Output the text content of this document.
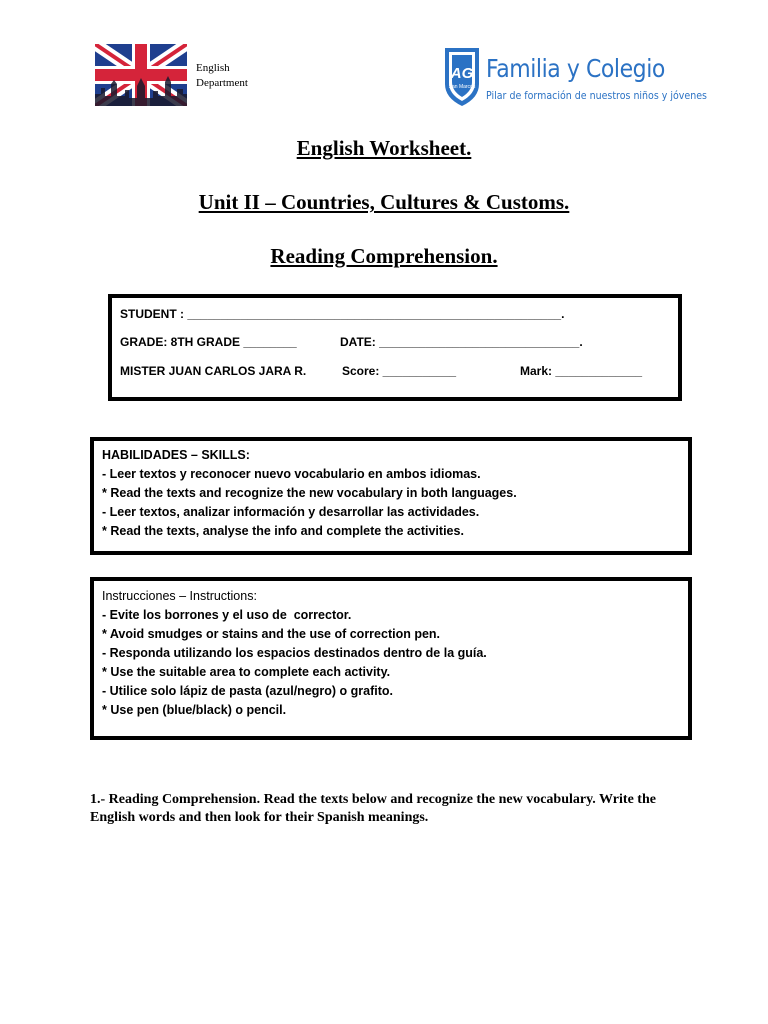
English
Department
AG
San Marcos
Familia y Colegio
Pilar de formación de nuestros niños y jóvenes
English Worksheet.
Unit II – Countries, Cultures & Customs.
Reading Comprehension.
STUDENT : ________________________________________________________.
GRADE: 8TH GRADE ________	DATE: ______________________________.
MISTER JUAN CARLOS JARA R.	Score: ___________	Mark: _____________
HABILIDADES – SKILLS:
- Leer textos y reconocer nuevo vocabulario en ambos idiomas.
* Read the texts and recognize the new vocabulary in both languages.
- Leer textos, analizar información y desarrollar las actividades.
* Read the texts, analyse the info and complete the activities.
Instrucciones – Instructions:
- Evite los borrones y el uso de  corrector.
* Avoid smudges or stains and the use of correction pen.
- Responda utilizando los espacios destinados dentro de la guía.
* Use the suitable area to complete each activity.
- Utilice solo lápiz de pasta (azul/negro) o grafito.
* Use pen (blue/black) o pencil.
1.- Reading Comprehension. Read the texts below and recognize the new vocabulary. Write the English words and then look for their Spanish meanings.
